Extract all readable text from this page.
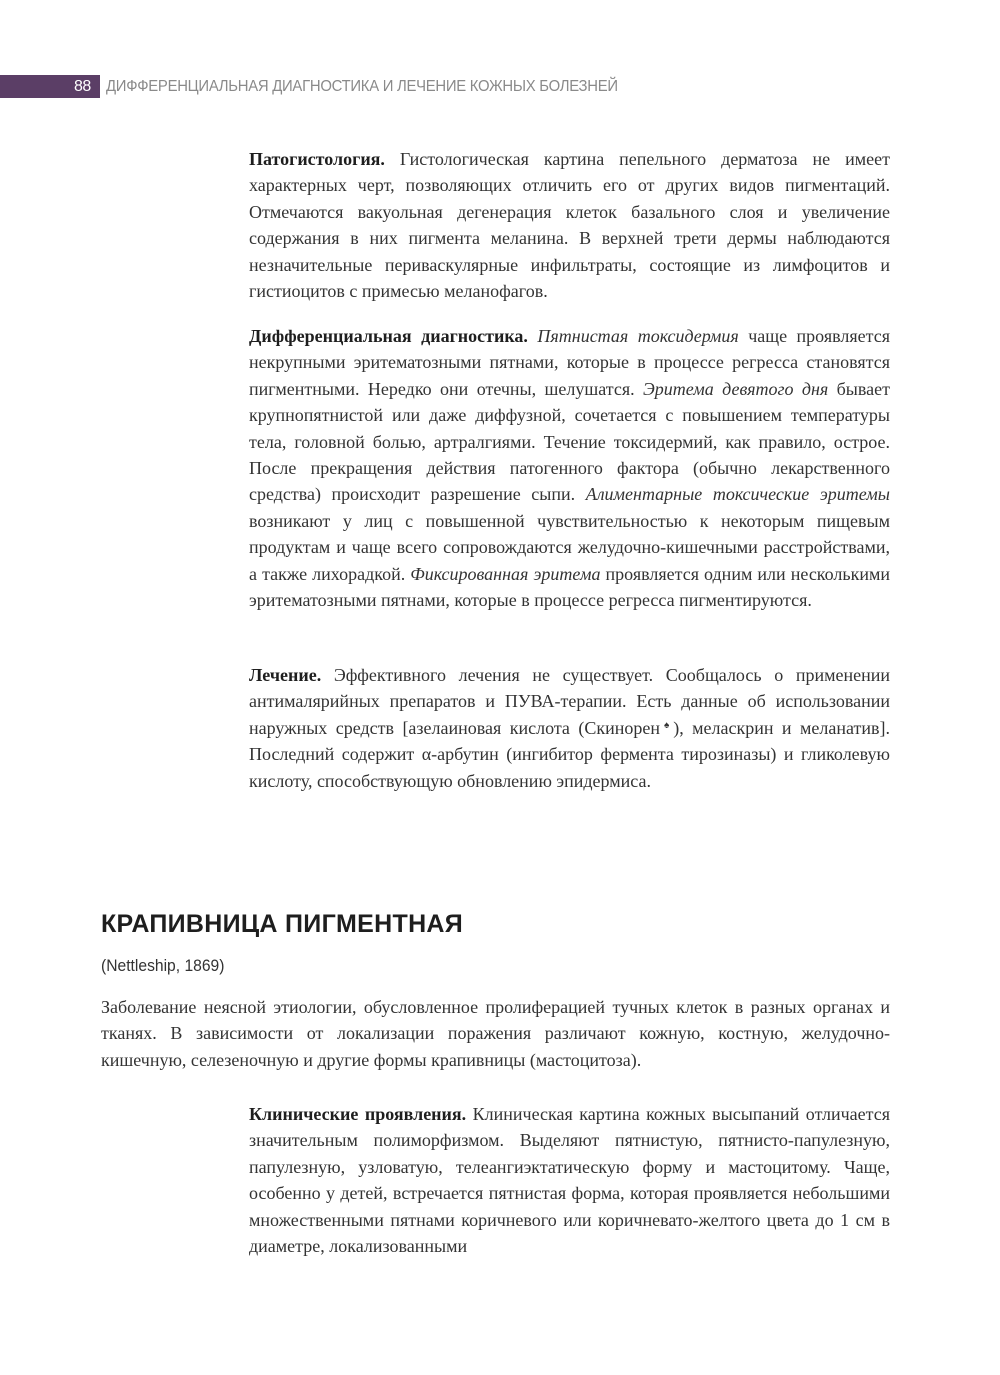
88 ДИФФЕРЕНЦИАЛЬНАЯ ДИАГНОСТИКА И ЛЕЧЕНИЕ КОЖНЫХ БОЛЕЗНЕЙ

Патогистология. Гистологическая картина пепельного дерматоза не имеет характерных черт, позволяющих отличить его от других видов пигментаций. Отмечаются вакуольная дегенерация клеток базального слоя и увеличение содержания в них пигмента меланина. В верхней трети дермы наблюдаются незначительные периваскулярные инфильтраты, состоящие из лимфоцитов и гистиоцитов с примесью меланофагов.

Дифференциальная диагностика. Пятнистая токсидермия чаще проявляется некрупными эритематозными пятнами, которые в процессе регресса становятся пигментными. Нередко они отечны, шелушатся. Эритема девятого дня бывает крупнопятнистой или даже диффузной, сочетается с повышением температуры тела, головной болью, артралгиями. Течение токсидермий, как правило, острое. После прекращения действия патогенного фактора (обычно лекарственного средства) происходит разрешение сыпи. Алиментарные токсические эритемы возникают у лиц с повышенной чувствительностью к некоторым пищевым продуктам и чаще всего сопровождаются желудочно-кишечными расстройствами, а также лихорадкой. Фиксированная эритема проявляется одним или несколькими эритематозными пятнами, которые в процессе регресса пигментируются.

Лечение. Эффективного лечения не существует. Сообщалось о применении антималярийных препаратов и ПУВА-терапии. Есть данные об использовании наружных средств [азелаиновая кислота (Скинорен♠), меласкрин и меланатив]. Последний содержит α-арбутин (ингибитор фермента тирозиназы) и гликолевую кислоту, способствующую обновлению эпидермиса.

КРАПИВНИЦА ПИГМЕНТНАЯ
(Nettleship, 1869)

Заболевание неясной этиологии, обусловленное пролиферацией тучных клеток в разных органах и тканях. В зависимости от локализации поражения различают кожную, костную, желудочно-кишечную, селезеночную и другие формы крапивницы (мастоцитоза).

Клинические проявления. Клиническая картина кожных высыпаний отличается значительным полиморфизмом. Выделяют пятнистую, пятнисто-папулезную, папулезную, узловатую, телеангиэктатическую форму и мастоцитому. Чаще, особенно у детей, встречается пятнистая форма, которая проявляется небольшими множественными пятнами коричневого или коричневато-желтого цвета до 1 см в диаметре, локализованными
